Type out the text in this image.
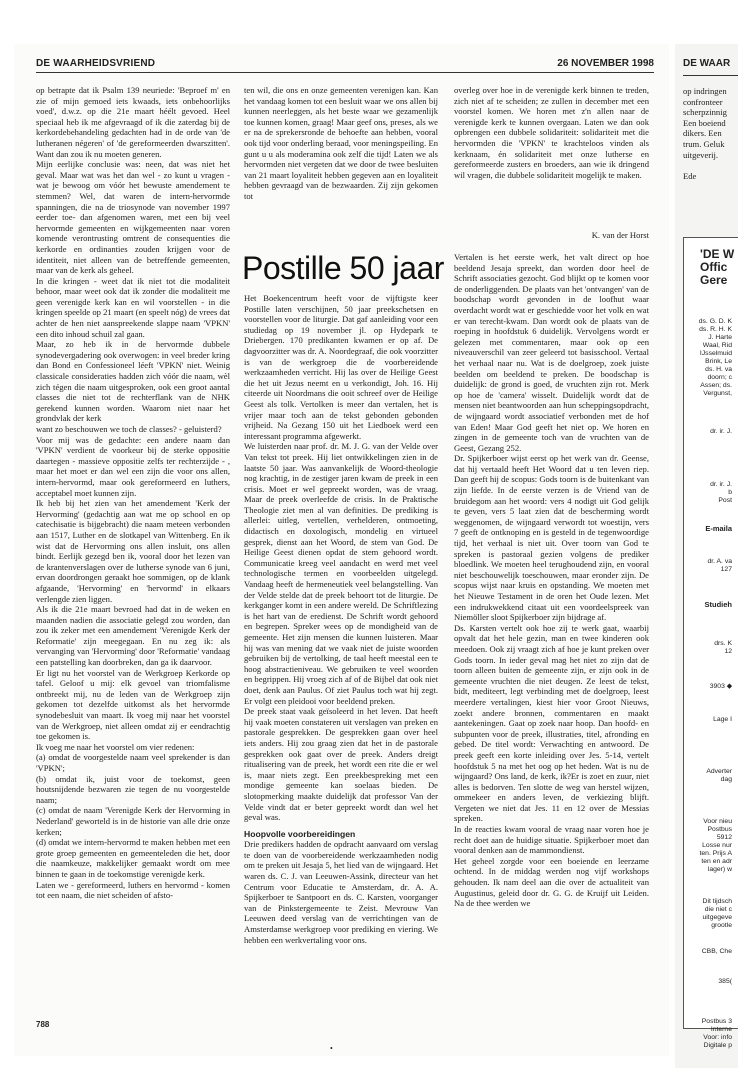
DE WAARHEIDSVRIEND	26 NOVEMBER 1998

op betrapte dat ik Psalm 139 neuriede: 'Beproef m' en zie of mijn gemoed iets kwaads, iets onbehoorlijks voed', d.w.z. op die 21e maart héélt gevoed. Heel speciaal heb ik me afgevraagd of ik die zaterdag bij de kerkordebehandeling gedachten had in de orde van 'de lutheranen négeren' of 'de gereformeerden dwarszitten'. Want dan zou ik nu moeten generen.

Mijn eerlijke conclusie was: neen, dat was niet het geval. Maar wat was het dan wel - zo kunt u vragen - wat je bewoog om vóór het bewuste amendement te stemmen? Wel, dat waren de intern-hervormde spanningen, die na de triosynode van november 1997 eerder toe- dan afgenomen waren, met een bij veel hervormde gemeenten en wijkgemeenten naar voren komende verontrusting omtrent de consequenties die kerkorde en ordinanties zouden krijgen voor de identiteit, niet alleen van de betreffende gemeenten, maar van de kerk als geheel.

In die kringen - weet dat ik niet tot die modaliteit behoor, maar weet ook dat ik zonder die modaliteit me geen verenigde kerk kan en wil voorstellen - in die kringen speelde op 21 maart (en speelt nóg) de vrees dat achter de hen niet aanspreekende slappe naam 'VPKN' een dito inhoud schuil zal gaan.

Maar, zo heb ik in de hervormde dubbele synodevergadering ook overwogen: in veel breder kring dan Bond en Confessioneel léeft 'VPKN' niet. Weinig classicale consideraties hadden zich vóór die naam, wèl zich tégen die naam uitgesproken, ook een groot aantal classes die niet tot de rechterflank van de NHK gerekend kunnen worden. Waarom niet naar het grondvlak der kerk

want zo beschouwen we toch de classes? - geluisterd?

Voor mij was de gedachte: een andere naam dan 'VPKN' verdient de voorkeur bij de sterke oppositie daartegen - massieve oppositie zelfs ter rechterzijde - , maar het moet er dan wel een zijn die voor ons allen, intern-hervormd, maar ook gereformeerd en luthers, acceptabel moet kunnen zijn.

Ik heb bij het zien van het amendement 'Kerk der Hervorming' (gedachtig aan wat me op school en op catechisatie is bijgebracht) die naam meteen verbonden aan 1517, Luther en de slotkapel van Wittenberg. En ik wist dat de Hervorming ons allen insluit, ons allen bindt. Eerlijk gezegd ben ik, vooral door het lezen van de krantenverslagen over de lutherse synode van 6 juni, ervan doordrongen geraakt hoe sommigen, op de klank afgaande, 'Hervorming' en 'hervormd' in elkaars verlengde zien liggen.

Als ik die 21e maart bevroed had dat in de weken en maanden nadien die associatie gelegd zou worden, dan zou ik zeker met een amendement 'Verenigde Kerk der Reformatie' zijn meegegaan. En nu zeg ik: als vervanging van 'Hervorming' door 'Reformatie' vandaag een patstelling kan doorbreken, dan ga ik daarvoor.

Er ligt nu het voorstel van de Werkgroep Kerkorde op tafel. Geloof u mij: elk gevoel van triomfalisme ontbreekt mij, nu de leden van de Werkgroep zijn gekomen tot dezelfde uitkomst als het hervormde synodebesluit van maart. Ik voeg mij naar het voorstel van de Werkgroep, niet alleen omdat zij er eendrachtig toe gekomen is.

Ik voeg me naar het voorstel om vier redenen:

(a) omdat de voorgestelde naam veel sprekender is dan 'VPKN';

(b) omdat ik, juist voor de toekomst, geen houtsnijdende bezwaren zie tegen de nu voorgestelde naam;

(c) omdat de naam 'Verenigde Kerk der Hervorming in Nederland' geworteld is in de historie van alle drie onze kerken;

(d) omdat we intern-hervormd te maken hebben met een grote groep gemeenten en gemeenteleden die het, door die naamkeuze, makkelijker gemaakt wordt om mee binnen te gaan in de toekomstige verenigde kerk.

Laten we - gereformeerd, luthers en hervormd - komen tot een naam, die niet scheiden of afsto-

ten wil, die ons en onze gemeenten verenigen kan. Kan het vandaag komen tot een besluit waar we ons allen bij kunnen neerleggen, als het beste waar we gezamenlijk toe kunnen komen, graag! Maar geef ons, preses, als we er na de sprekersronde de behoefte aan hebben, vooral ook tijd voor onderling beraad, voor meningspeiling. En gunt u u als moderamina ook zelf die tijd! Laten we als hervormden niet vergeten dat we door de twee besluiten van 21 maart loyaliteit hebben gegeven aan en loyaliteit hebben gevraagd van de bezwaarden. Zij zijn gekomen tot

overleg over hoe in de verenigde kerk binnen te treden, zich niet af te scheiden; ze zullen in december met een voorstel komen. We horen met z'n allen naar de verenigde kerk te kunnen overgaan. Laten we dan ook opbrengen een dubbele solidariteit: solidariteit met die hervormden die 'VPKN' te krachteloos vinden als kerknaam, én solidariteit met onze lutherse en gereformeerde zusters en broeders, aan wie ik dringend wil vragen, die dubbele solidariteit mogelijk te maken.

K. van der Horst
Postille 50 jaar

Het Boekencentrum heeft voor de vijftigste keer Postille laten verschijnen, 50 jaar preekschetsen en voorstellen voor de liturgie. Dat gaf aanleiding voor een studiedag op 19 november jl. op Hydepark te Driebergen. 170 predikanten kwamen er op af. De dagvoorzitter was dr. A. Noordegraaf, die ook voorzitter is van de werkgroep die de voorbereidende werkzaamheden verricht. Hij las over de Heilige Geest die het uit Jezus neemt en u verkondigt, Joh. 16. Hij citeerde uit Noordmans die ooit schreef over de Heilige Geest als tolk. Vertolken is meer dan vertalen, het is vrijer maar toch aan de tekst gebonden gebonden vrijheid. Na Gezang 150 uit het Liedboek werd een interessant programma afgewerkt.

We luisterden naar prof. dr. M. J. G. van der Velde over Van tekst tot preek. Hij liet ontwikkelingen zien in de laatste 50 jaar. Was aanvankelijk de Woord-theologie nog krachtig, in de zestiger jaren kwam de preek in een crisis. Moet er wel gepreekt worden, was de vraag. Maar de preek overleefde de crisis. In de Praktische Theologie ziet men al van definities. De prediking is allerlei: uitleg, vertellen, verhelderen, ontmoeting, didactisch en doxologisch, mondelig en virtueel gesprek, dienst aan het Woord, de stem van God. De Heilige Geest dienen opdat de stem gehoord wordt. Communicatie kreeg veel aandacht en werd met veel technologische termen en voorbeelden uitgelegd. Vandaag heeft de hermeneutiek veel belangstelling. Van der Velde stelde dat de preek behoort tot de liturgie. De kerkganger komt in een andere wereld. De Schriftlezing is het hart van de eredienst. De Schrift wordt gehoord en begrepen. Spreker wees op de mondigheid van de gemeente. Het zijn mensen die kunnen luisteren. Maar hij was van mening dat we vaak niet de juiste woorden gebruiken bij de vertolking, de taal heeft meestal een te hoog abstractieniveau. We gebruiken te veel woorden en begrippen. Hij vroeg zich af of de Bijbel dat ook niet doet, denk aan Paulus. Of ziet Paulus toch wat hij zegt. Er volgt een pleidooi voor beeldend preken.

De preek staat vaak geïsoleerd in het leven. Dat heeft hij vaak moeten constateren uit verslagen van preken en pastorale gesprekken. De gesprekken gaan over heel iets anders. Hij zou graag zien dat het in de pastorale gesprekken ook gaat over de preek. Anders dreigt ritualisering van de preek, het wordt een rite die er wel is, maar niets zegt. Een preekbespreking met een mondige gemeente kan soelaas bieden. De slotopmerking maakte duidelijk dat professor Van der Velde vindt dat er beter gepreekt wordt dan wel het geval was.

Hoopvolle voorbereidingen

Drie predikers hadden de opdracht aanvaard om verslag te doen van de voorbereidende werkzaamheden nodig om te preken uit Jesaja 5, het lied van de wijngaard. Het waren ds. C. J. van Leeuwen-Assink, directeur van het Centrum voor Educatie te Amsterdam, dr. A. A. Spijkerboer te Santpoort en ds. C. Karsten, voorganger van de Pinkstergemeente te Zeist. Mevrouw Van Leeuwen deed verslag van de verrichtingen van de Amsterdamse werkgroep voor prediking en viering. We hebben een werkvertaling voor ons.

Vertalen is het eerste werk, het valt direct op hoe beeldend Jesaja spreekt, dan worden door heel de Schrift associaties gezocht. God blijkt op te komen voor de onderliggenden. De plaats van het 'ontvangen' van de boodschap wordt gevonden in de loofhut waar overdacht wordt wat er geschiedde voor het volk en wat er van terecht-kwam. Dan wordt ook de plaats van de roeping in hoofdstuk 6 duidelijk. Vervolgens wordt er gelezen met commentaren, maar ook op een niveauverschil van zeer geleerd tot basisschool. Vertaal het verhaal naar nu. Wat is de doelgroep, zoek juiste beelden om beeldend te preken. De boodschap is duidelijk: de grond is goed, de vruchten zijn rot. Merk op hoe de 'camera' wisselt. Duidelijk wordt dat de mensen niet beantwoorden aan hun scheppingsopdracht, de wijngaard wordt associatief verbonden met de hof van Eden! Maar God geeft het niet op. We horen en zingen in de gemeente toch van de vruchten van de Geest, Gezang 252.

Dr. Spijkerboer wijst eerst op het werk van dr. Geense, dat hij vertaald heeft Het Woord dat u ten leven riep. Dan geeft hij de scopus: Gods toorn is de buitenkant van zijn liefde. In de eerste verzen is de Vriend van de bruidegom aan het woord: vers 4 nodigt uit God gelijk te geven, vers 5 laat zien dat de bescherming wordt weggenomen, de wijngaard verwordt tot woestijn, vers 7 geeft de ontknoping en is gesteld in de tegenwoordige tijd, het verhaal is niet uit. Over toorn van God te spreken is pastoraal gezien volgens de prediker bloedlink. We moeten heel terughoudend zijn, en vooral niet beschouwelijk toeschouwen, maar eronder zijn. De scopus wijst naar kruis en opstanding. We moeten met het Nieuwe Testament in de oren het Oude lezen. Met een indrukwekkend citaat uit een voordeelspreek van Niemöller sloot Spijkerboer zijn bijdrage af.

Ds. Karsten vertelt ook hoe zij te werk gaat, waarbij opvalt dat het hele gezin, man en twee kinderen ook meedoen. Ook zij vraagt zich af hoe je kunt preken over Gods toorn. In ieder geval mag het niet zo zijn dat de toorn alleen buiten de gemeente zijn, er zijn ook in de gemeente vruchten die niet deugen. Ze leest de tekst, bidt, mediteert, legt verbinding met de doelgroep, leest meerdere vertalingen, kiest hier voor Groot Nieuws, zoekt andere bronnen, commentaren en maakt aantekeningen. Gaat op zoek naar hoop. Dan hoofd- en subpunten voor de preek, illustraties, titel, afronding en gebed. De titel wordt: Verwachting en antwoord. De preek geeft een korte inleiding over Jes. 5-14, vertelt hoofdstuk 5 na met het oog op het heden. Wat is nu de wijngaard? Ons land, de kerk, ik?Er is zoet en zuur, niet alles is bedorven. Ten slotte de weg van herstel wijzen, ommekeer en anders leven, de verkiezing blijft. Vergeten we niet dat Jes. 11 en 12 over de Messias spreken.

In de reacties kwam vooral de vraag naar voren hoe je recht doet aan de huidige situatie. Spijkerboer moet dan vooral denken aan de mammondienst.

Het geheel zorgde voor een boeiende en leerzame ochtend. In de middag werden nog vijf workshops gehouden. Ik nam deel aan die over de actualiteit van Augustinus, geleid door dr. G. G. de Kruijf uit Leiden. Na de thee werden we

788
•
DE WAAR
op indringen
confronteer
scherpzinnig
Een boeiend
dikers. Een
trum. Geluk
uitgeverij.

Ede
'DE W
Offic
Gere
ds. G. D. K
ds. R. H. K
J. Harte
Waal, Rid
IJsselmuid
Brink, Le
ds. H. va
doorn; c
Assen; ds.
Vergunst,
dr. ir. J.
dr. ir. J.
b
Post
E-maila
dr. A. va
127
Studieh
drs. K
12
3903 ◆
Lage I
Adverter
dag
Voor nieu
Postbus
5912
Losse nur
ten. Prijs A
ten en adr
lager) w
Dit tijdsch
die niet c
uitgegeve
grootle
CBB, Che
385(
Postbus 3
Interne
Voor: info
Digitale p
